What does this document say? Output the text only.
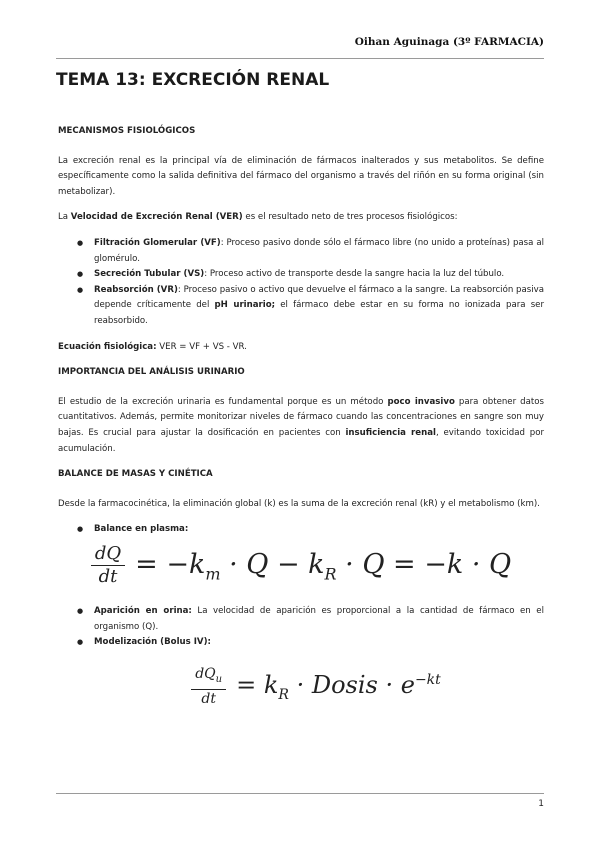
Oihan Aguinaga (3º FARMACIA)
TEMA 13: EXCRECIÓN RENAL
MECANISMOS FISIOLÓGICOS

La excreción renal es la principal vía de eliminación de fármacos inalterados y sus metabolitos. Se define específicamente como la salida definitiva del fármaco del organismo a través del riñón en su forma original (sin metabolizar).

La Velocidad de Excreción Renal (VER) es el resultado neto de tres procesos fisiológicos:

● Filtración Glomerular (VF): Proceso pasivo donde sólo el fármaco libre (no unido a proteínas) pasa al glomérulo.
● Secreción Tubular (VS): Proceso activo de transporte desde la sangre hacia la luz del túbulo.
● Reabsorción (VR): Proceso pasivo o activo que devuelve el fármaco a la sangre. La reabsorción pasiva depende críticamente del pH urinario; el fármaco debe estar en su forma no ionizada para ser reabsorbido.

Ecuación fisiológica: VER = VF + VS - VR.

IMPORTANCIA DEL ANÁLISIS URINARIO

El estudio de la excreción urinaria es fundamental porque es un método poco invasivo para obtener datos cuantitativos. Además, permite monitorizar niveles de fármaco cuando las concentraciones en sangre son muy bajas. Es crucial para ajustar la dosificación en pacientes con insuficiencia renal, evitando toxicidad por acumulación.

BALANCE DE MASAS Y CINÉTICA

Desde la farmacocinética, la eliminación global (k) es la suma de la excreción renal (kR) y el metabolismo (km).

● Balance en plasma:
$\frac{dQ}{dt} = -k_m \cdot Q - k_R \cdot Q = -k \cdot Q$
● Aparición en orina: La velocidad de aparición es proporcional a la cantidad de fármaco en el organismo (Q).
● Modelización (Bolus IV):
$\frac{dQ_u}{dt} = k_R$ · Dosis · $e^{-kt}$
1
